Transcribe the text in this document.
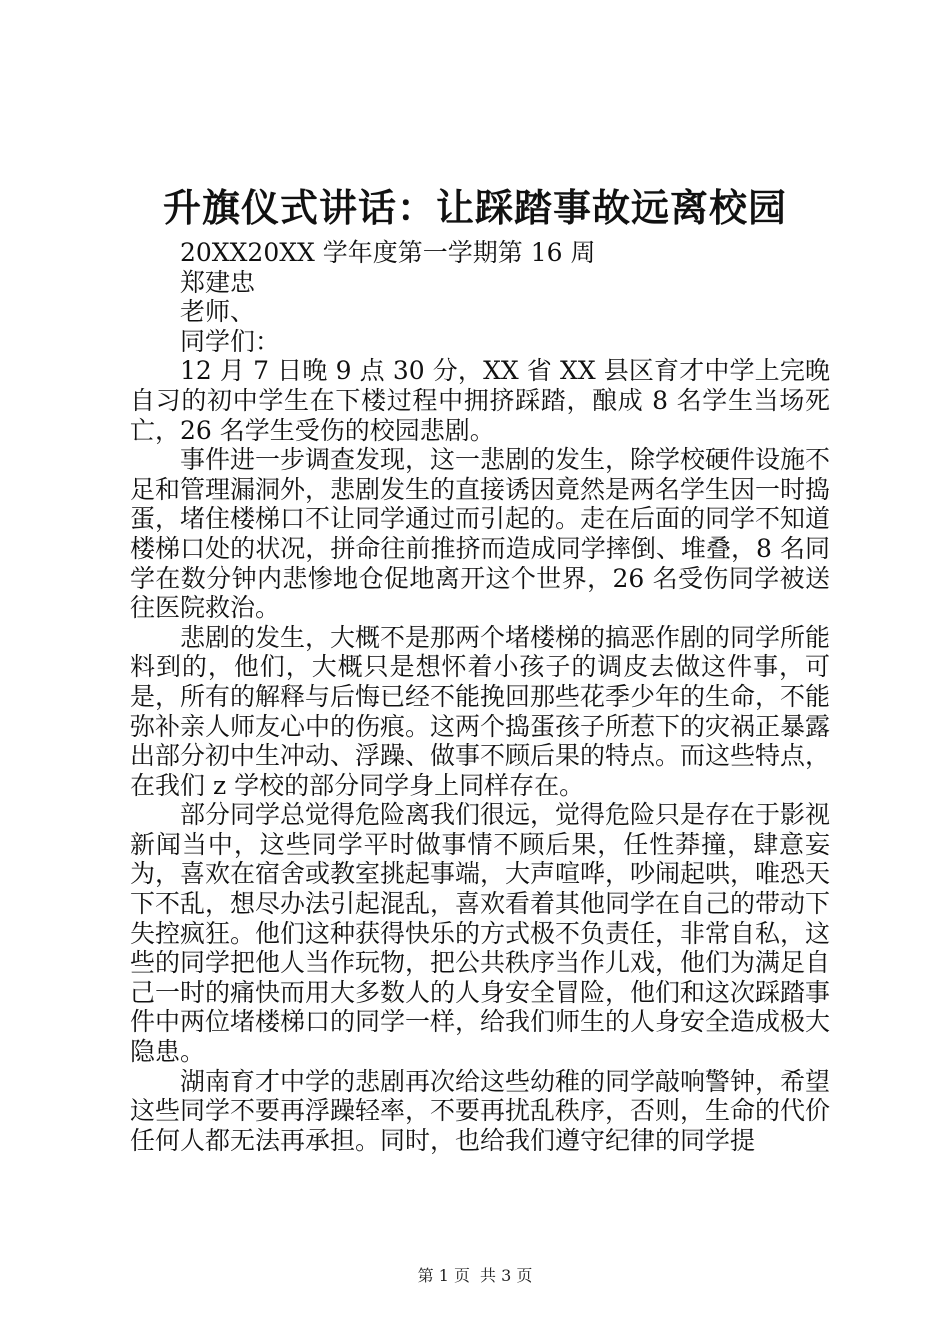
升旗仪式讲话：让踩踏事故远离校园

20XX20XX 学年度第一学期第 16 周

郑建忠

老师、

同学们：

12 月 7 日晚 9 点 30 分，XX 省 XX 县区育才中学上完晚自习的初中学生在下楼过程中拥挤踩踏，酿成 8 名学生当场死亡，26 名学生受伤的校园悲剧。

事件进一步调查发现，这一悲剧的发生，除学校硬件设施不足和管理漏洞外，悲剧发生的直接诱因竟然是两名学生因一时捣蛋，堵住楼梯口不让同学通过而引起的。走在后面的同学不知道楼梯口处的状况，拼命往前推挤而造成同学摔倒、堆叠，8 名同学在数分钟内悲惨地仓促地离开这个世界，26 名受伤同学被送往医院救治。

悲剧的发生，大概不是那两个堵楼梯的搞恶作剧的同学所能料到的，他们，大概只是想怀着小孩子的调皮去做这件事，可是，所有的解释与后悔已经不能挽回那些花季少年的生命，不能弥补亲人师友心中的伤痕。这两个捣蛋孩子所惹下的灾祸正暴露出部分初中生冲动、浮躁、做事不顾后果的特点。而这些特点，在我们 z 学校的部分同学身上同样存在。

部分同学总觉得危险离我们很远，觉得危险只是存在于影视新闻当中，这些同学平时做事情不顾后果，任性莽撞，肆意妄为，喜欢在宿舍或教室挑起事端，大声喧哗，吵闹起哄，唯恐天下不乱，想尽办法引起混乱，喜欢看着其他同学在自己的带动下失控疯狂。他们这种获得快乐的方式极不负责任，非常自私，这些的同学把他人当作玩物，把公共秩序当作儿戏，他们为满足自己一时的痛快而用大多数人的人身安全冒险，他们和这次踩踏事件中两位堵楼梯口的同学一样，给我们师生的人身安全造成极大隐患。

湖南育才中学的悲剧再次给这些幼稚的同学敲响警钟，希望这些同学不要再浮躁轻率，不要再扰乱秩序，否则，生命的代价任何人都无法再承担。同时，也给我们遵守纪律的同学提

第 1 页 共 3 页
